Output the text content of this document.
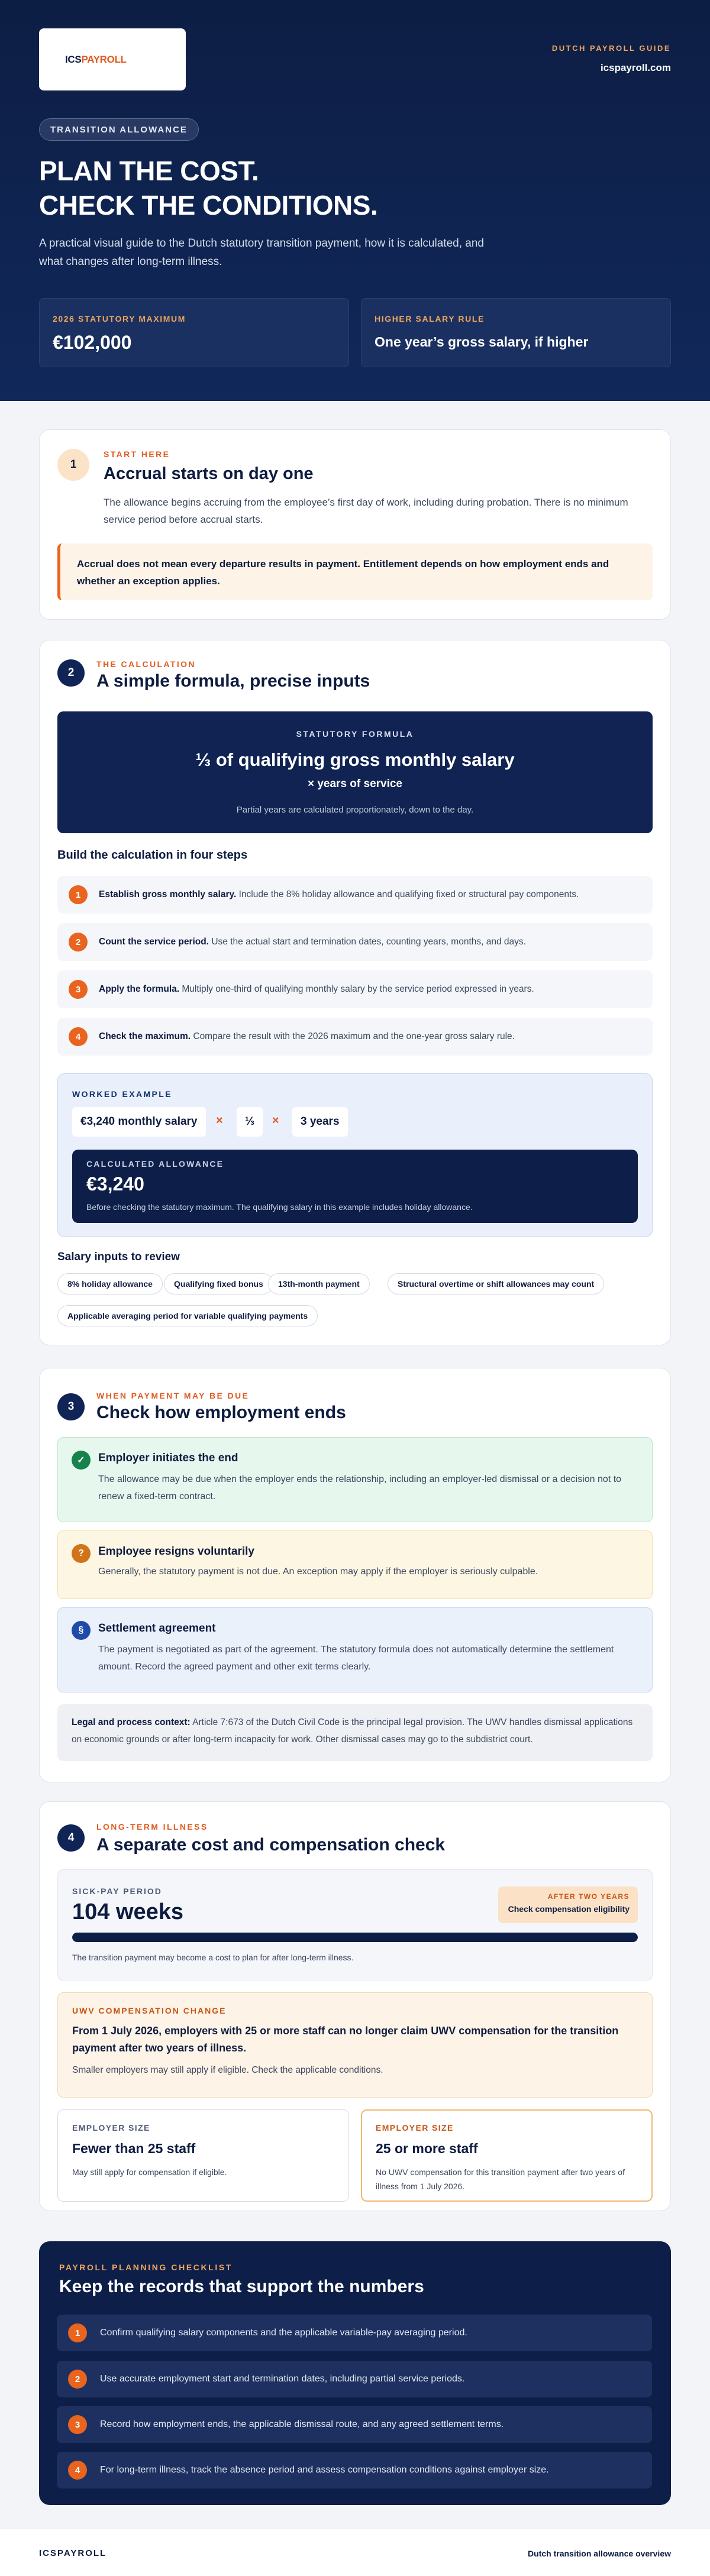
ICSPAYROLL
DUTCH PAYROLL GUIDE
icspayroll.com
TRANSITION ALLOWANCE
PLAN THE COST.
CHECK THE CONDITIONS.
A practical visual guide to the Dutch statutory transition payment, how it is calculated, and what changes after long-term illness.
2026 STATUTORY MAXIMUM
€102,000
HIGHER SALARY RULE
One year’s gross salary, if higher
1
START HERE
Accrual starts on day one
The allowance begins accruing from the employee’s first day of work, including during probation. There is no minimum service period before accrual starts.
Accrual does not mean every departure results in payment. Entitlement depends on how employment ends and whether an exception applies.
2
THE CALCULATION
A simple formula, precise inputs
STATUTORY FORMULA
⅓ of qualifying gross monthly salary
× years of service
Partial years are calculated proportionately, down to the day.
Build the calculation in four steps
1	Establish gross monthly salary. Include the 8% holiday allowance and qualifying fixed or structural pay components.
2	Count the service period. Use the actual start and termination dates, counting years, months, and days.
3	Apply the formula. Multiply one-third of qualifying monthly salary by the service period expressed in years.
4	Check the maximum. Compare the result with the 2026 maximum and the one-year gross salary rule.
WORKED EXAMPLE
€3,240 monthly salary	×	⅓	×	3 years
CALCULATED ALLOWANCE
€3,240
Before checking the statutory maximum. The qualifying salary in this example includes holiday allowance.
Salary inputs to review
8% holiday allowance	Qualifying fixed bonus	13th-month payment	Structural overtime or shift allowances may count
Applicable averaging period for variable qualifying payments
3
WHEN PAYMENT MAY BE DUE
Check how employment ends
✓	Employer initiates the end
The allowance may be due when the employer ends the relationship, including an employer-led dismissal or a decision not to renew a fixed-term contract.
?	Employee resigns voluntarily
Generally, the statutory payment is not due. An exception may apply if the employer is seriously culpable.
§	Settlement agreement
The payment is negotiated as part of the agreement. The statutory formula does not automatically determine the settlement amount. Record the agreed payment and other exit terms clearly.
Legal and process context: Article 7:673 of the Dutch Civil Code is the principal legal provision. The UWV handles dismissal applications on economic grounds or after long-term incapacity for work. Other dismissal cases may go to the subdistrict court.
4
LONG-TERM ILLNESS
A separate cost and compensation check
SICK-PAY PERIOD
104 weeks
AFTER TWO YEARS
Check compensation eligibility
The transition payment may become a cost to plan for after long-term illness.
UWV COMPENSATION CHANGE
From 1 July 2026, employers with 25 or more staff can no longer claim UWV compensation for the transition payment after two years of illness.
Smaller employers may still apply if eligible. Check the applicable conditions.
EMPLOYER SIZE
Fewer than 25 staff
May still apply for compensation if eligible.
EMPLOYER SIZE
25 or more staff
No UWV compensation for this transition payment after two years of illness from 1 July 2026.
PAYROLL PLANNING CHECKLIST
Keep the records that support the numbers
1	Confirm qualifying salary components and the applicable variable-pay averaging period.
2	Use accurate employment start and termination dates, including partial service periods.
3	Record how employment ends, the applicable dismissal route, and any agreed settlement terms.
4	For long-term illness, track the absence period and assess compensation conditions against employer size.
ICSPAYROLL	Dutch transition allowance overview
